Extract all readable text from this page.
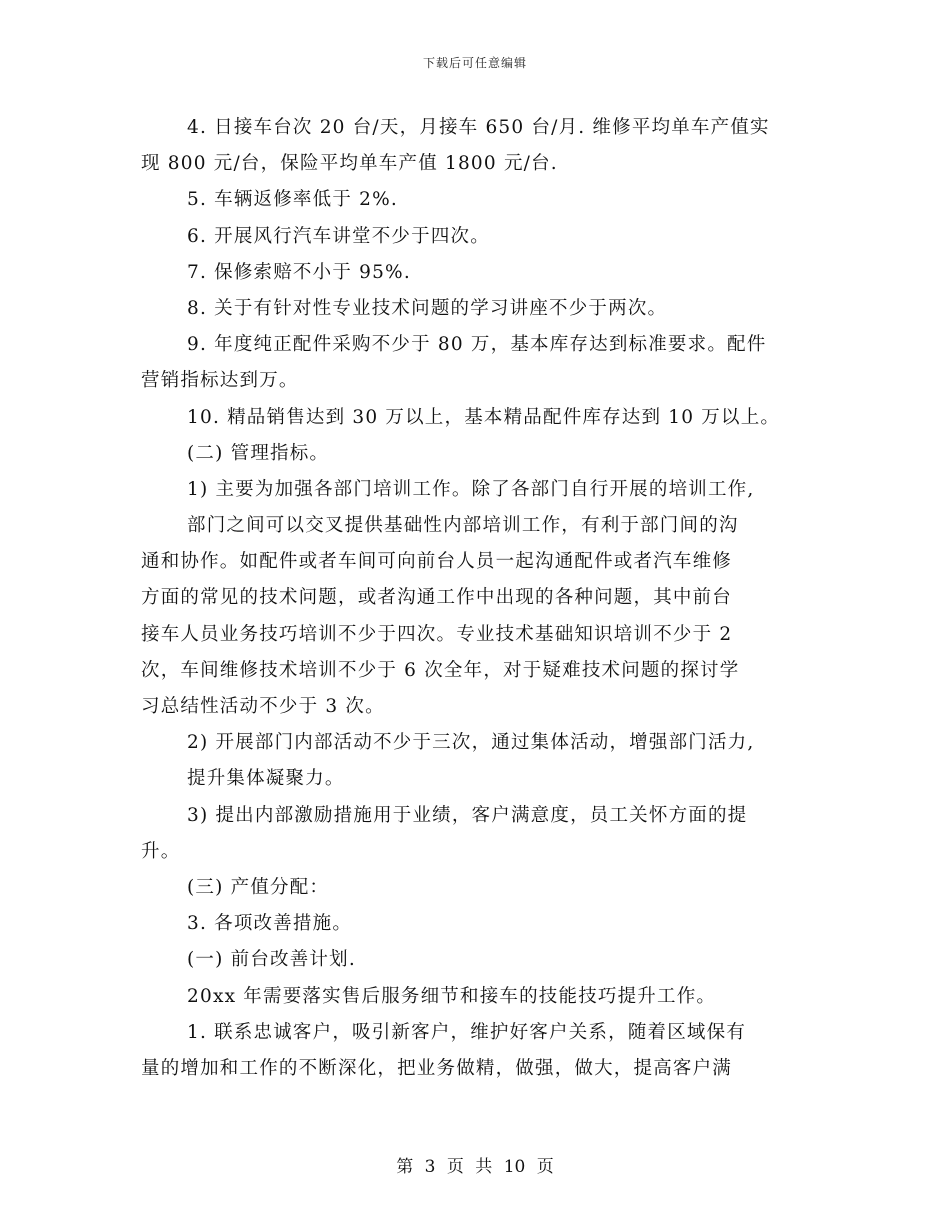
下载后可任意编辑
4. 日接车台次 20 台/天，月接车 650 台/月. 维修平均单车产值实
现 800 元/台，保险平均单车产值 1800 元/台.
5. 车辆返修率低于 2%.
6. 开展风行汽车讲堂不少于四次。
7. 保修索赔不小于 95%.
8. 关于有针对性专业技术问题的学习讲座不少于两次。
9. 年度纯正配件采购不少于 80 万，基本库存达到标准要求。配件
营销指标达到万。
10. 精品销售达到 30 万以上，基本精品配件库存达到 10 万以上。
(二) 管理指标。
1) 主要为加强各部门培训工作。除了各部门自行开展的培训工作,
部门之间可以交叉提供基础性内部培训工作，有利于部门间的沟
通和协作。如配件或者车间可向前台人员一起沟通配件或者汽车维修
方面的常见的技术问题，或者沟通工作中出现的各种问题，其中前台
接车人员业务技巧培训不少于四次。专业技术基础知识培训不少于 2
次，车间维修技术培训不少于 6 次全年，对于疑难技术问题的探讨学
习总结性活动不少于 3 次。
2) 开展部门内部活动不少于三次，通过集体活动，增强部门活力,
提升集体凝聚力。
3) 提出内部激励措施用于业绩，客户满意度，员工关怀方面的提
升。
(三) 产值分配：
3. 各项改善措施。
(一) 前台改善计划.
20xx 年需要落实售后服务细节和接车的技能技巧提升工作。
1. 联系忠诚客户，吸引新客户，维护好客户关系，随着区域保有
量的增加和工作的不断深化，把业务做精，做强，做大，提高客户满
第 3 页 共 10 页
